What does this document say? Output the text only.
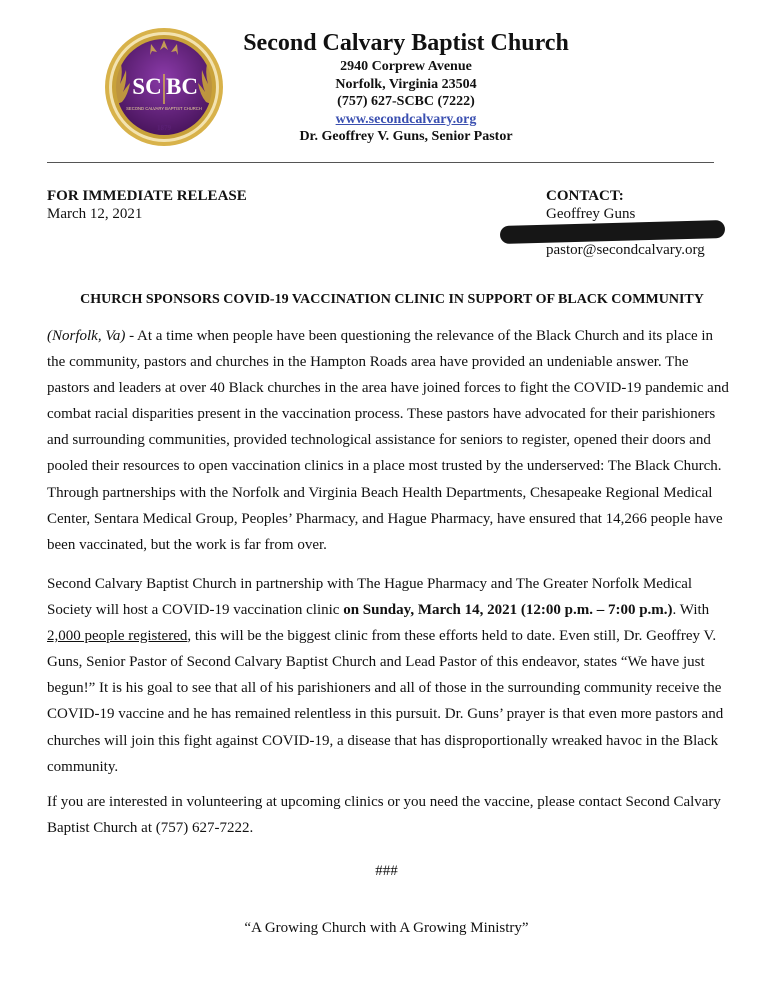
SC BC
SECOND CALVARY BAPTIST CHURCH
1879
Second Calvary Baptist Church
2940 Corprew Avenue
Norfolk, Virginia 23504
(757) 627-SCBC (7222)
www.secondcalvary.org
Dr. Geoffrey V. Guns, Senior Pastor
FOR IMMEDIATE RELEASE
March 12, 2021
CONTACT:
Geoffrey Guns
pastor@secondcalvary.org
CHURCH SPONSORS COVID-19 VACCINATION CLINIC IN SUPPORT OF BLACK COMMUNITY

(Norfolk, Va) - At a time when people have been questioning the relevance of the Black Church and its place in the community, pastors and churches in the Hampton Roads area have provided an undeniable answer. The pastors and leaders at over 40 Black churches in the area have joined forces to fight the COVID-19 pandemic and combat racial disparities present in the vaccination process. These pastors have advocated for their parishioners and surrounding communities, provided technological assistance for seniors to register, opened their doors and pooled their resources to open vaccination clinics in a place most trusted by the underserved: The Black Church. Through partnerships with the Norfolk and Virginia Beach Health Departments, Chesapeake Regional Medical Center, Sentara Medical Group, Peoples’ Pharmacy, and Hague Pharmacy, have ensured that 14,266 people have been vaccinated, but the work is far from over.

Second Calvary Baptist Church in partnership with The Hague Pharmacy and The Greater Norfolk Medical Society will host a COVID-19 vaccination clinic on Sunday, March 14, 2021 (12:00 p.m. – 7:00 p.m.). With 2,000 people registered, this will be the biggest clinic from these efforts held to date. Even still, Dr. Geoffrey V. Guns, Senior Pastor of Second Calvary Baptist Church and Lead Pastor of this endeavor, states “We have just begun!” It is his goal to see that all of his parishioners and all of those in the surrounding community receive the COVID-19 vaccine and he has remained relentless in this pursuit. Dr. Guns’ prayer is that even more pastors and churches will join this fight against COVID-19, a disease that has disproportionally wreaked havoc in the Black community.

If you are interested in volunteering at upcoming clinics or you need the vaccine, please contact Second Calvary Baptist Church at (757) 627-7222.

###
“A Growing Church with A Growing Ministry”
